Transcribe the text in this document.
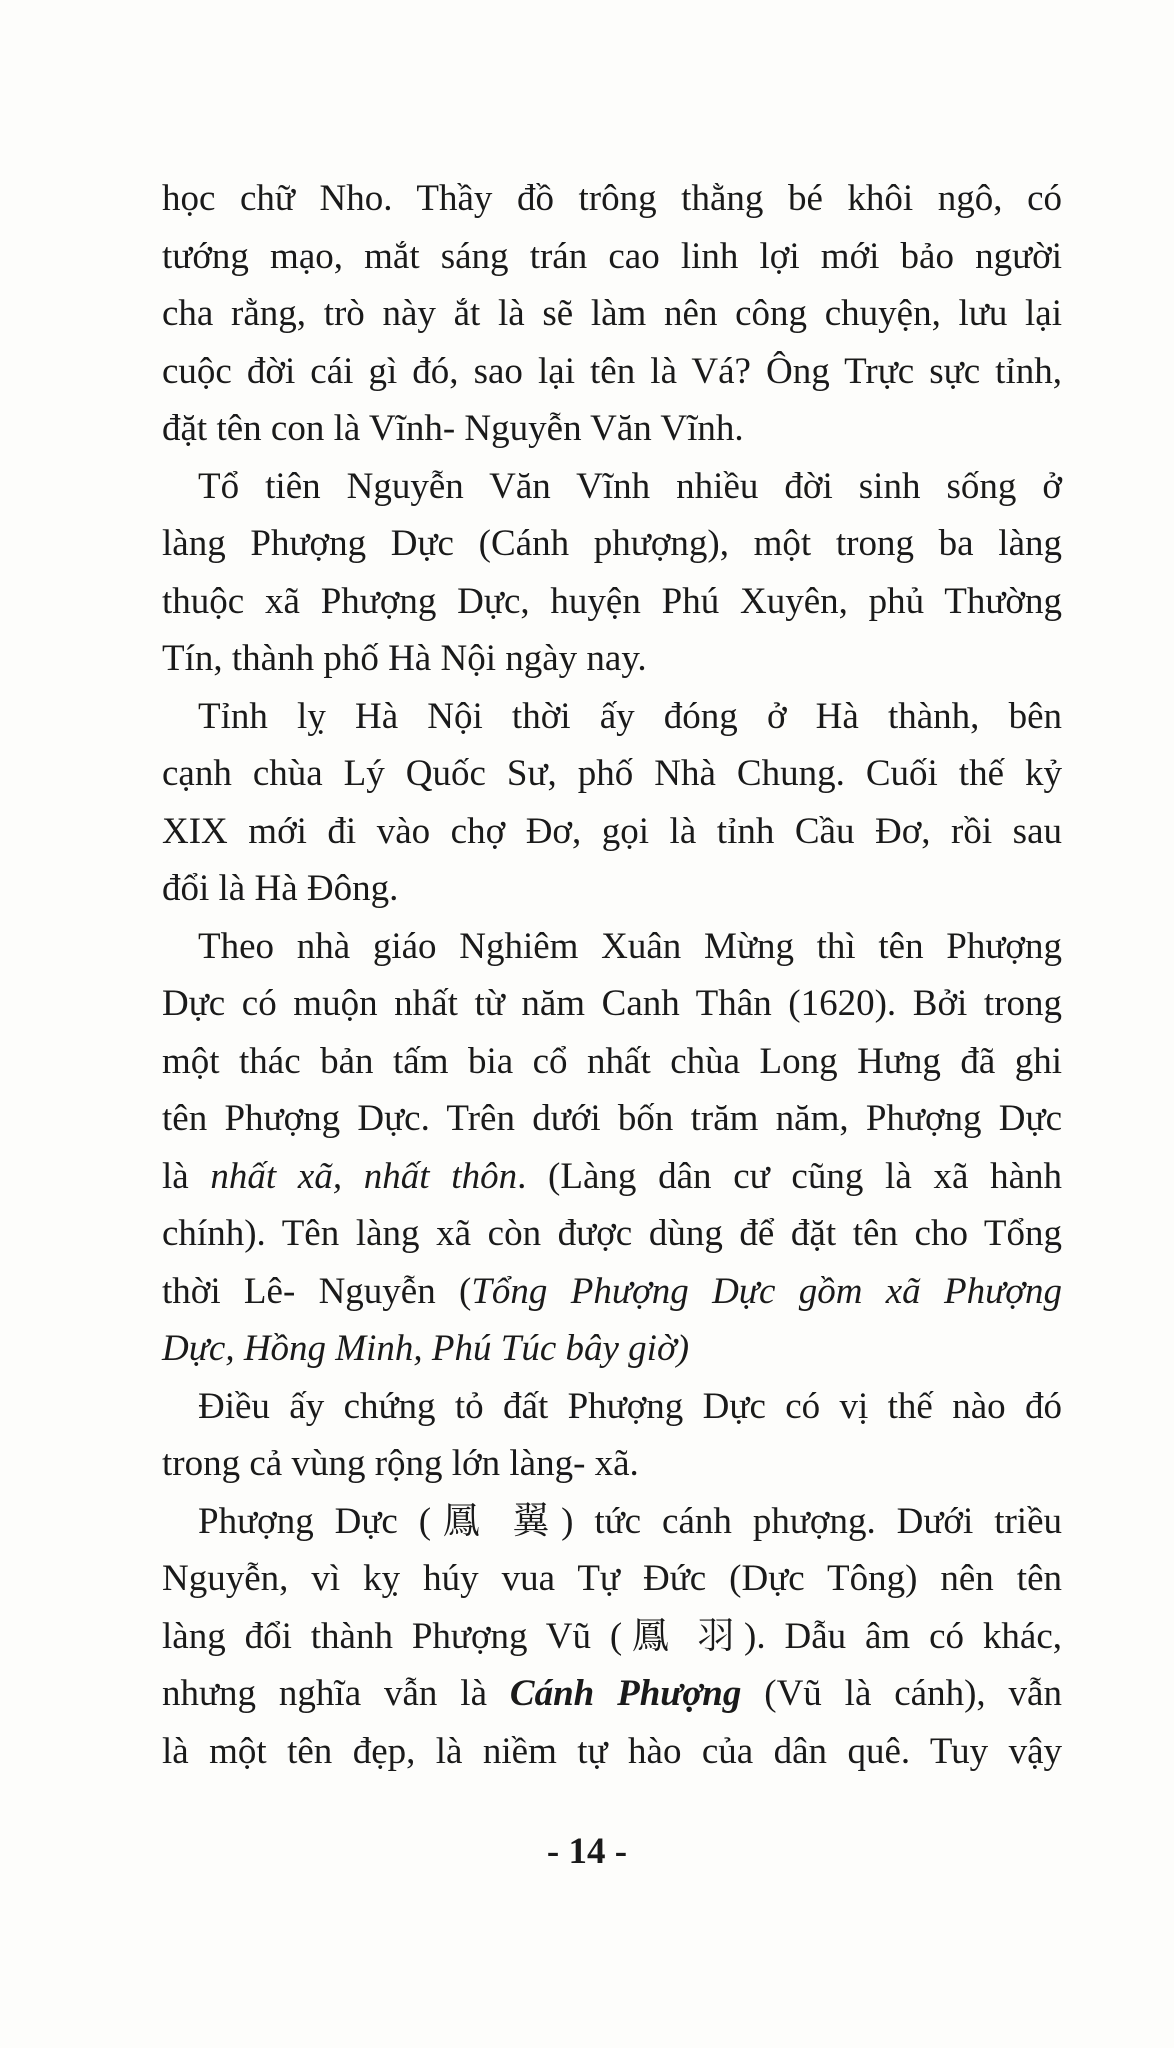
học chữ Nho. Thầy đồ trông thằng bé khôi ngô, có
tướng mạo, mắt sáng trán cao linh lợi mới bảo người
cha rằng, trò này ắt là sẽ làm nên công chuyện, lưu lại
cuộc đời cái gì đó, sao lại tên là Vá? Ông Trực sực tỉnh,
đặt tên con là Vĩnh- Nguyễn Văn Vĩnh.
Tổ tiên Nguyễn Văn Vĩnh nhiều đời sinh sống ở
làng Phượng Dực (Cánh phượng), một trong ba làng
thuộc xã Phượng Dực, huyện Phú Xuyên, phủ Thường
Tín, thành phố Hà Nội ngày nay.
Tỉnh lỵ Hà Nội thời ấy đóng ở Hà thành, bên
cạnh chùa Lý Quốc Sư, phố Nhà Chung. Cuối thế kỷ
XIX mới đi vào chợ Đơ, gọi là tỉnh Cầu Đơ, rồi sau
đổi là Hà Đông.
Theo nhà giáo Nghiêm Xuân Mừng thì tên Phượng
Dực có muộn nhất từ năm Canh Thân (1620). Bởi trong
một thác bản tấm bia cổ nhất chùa Long Hưng đã ghi
tên Phượng Dực. Trên dưới bốn trăm năm, Phượng Dực
là nhất xã, nhất thôn. (Làng dân cư cũng là xã hành
chính). Tên làng xã còn được dùng để đặt tên cho Tổng
thời Lê- Nguyễn (Tổng Phượng Dực gồm xã Phượng
Dực, Hồng Minh, Phú Túc bây giờ)
Điều ấy chứng tỏ đất Phượng Dực có vị thế nào đó
trong cả vùng rộng lớn làng- xã.
Phượng Dực (鳳 翼) tức cánh phượng. Dưới triều
Nguyễn, vì kỵ húy vua Tự Đức (Dực Tông) nên tên
làng đổi thành Phượng Vũ (鳳 羽). Dẫu âm có khác,
nhưng nghĩa vẫn là Cánh Phượng (Vũ là cánh), vẫn
là một tên đẹp, là niềm tự hào của dân quê. Tuy vậy
- 14 -
